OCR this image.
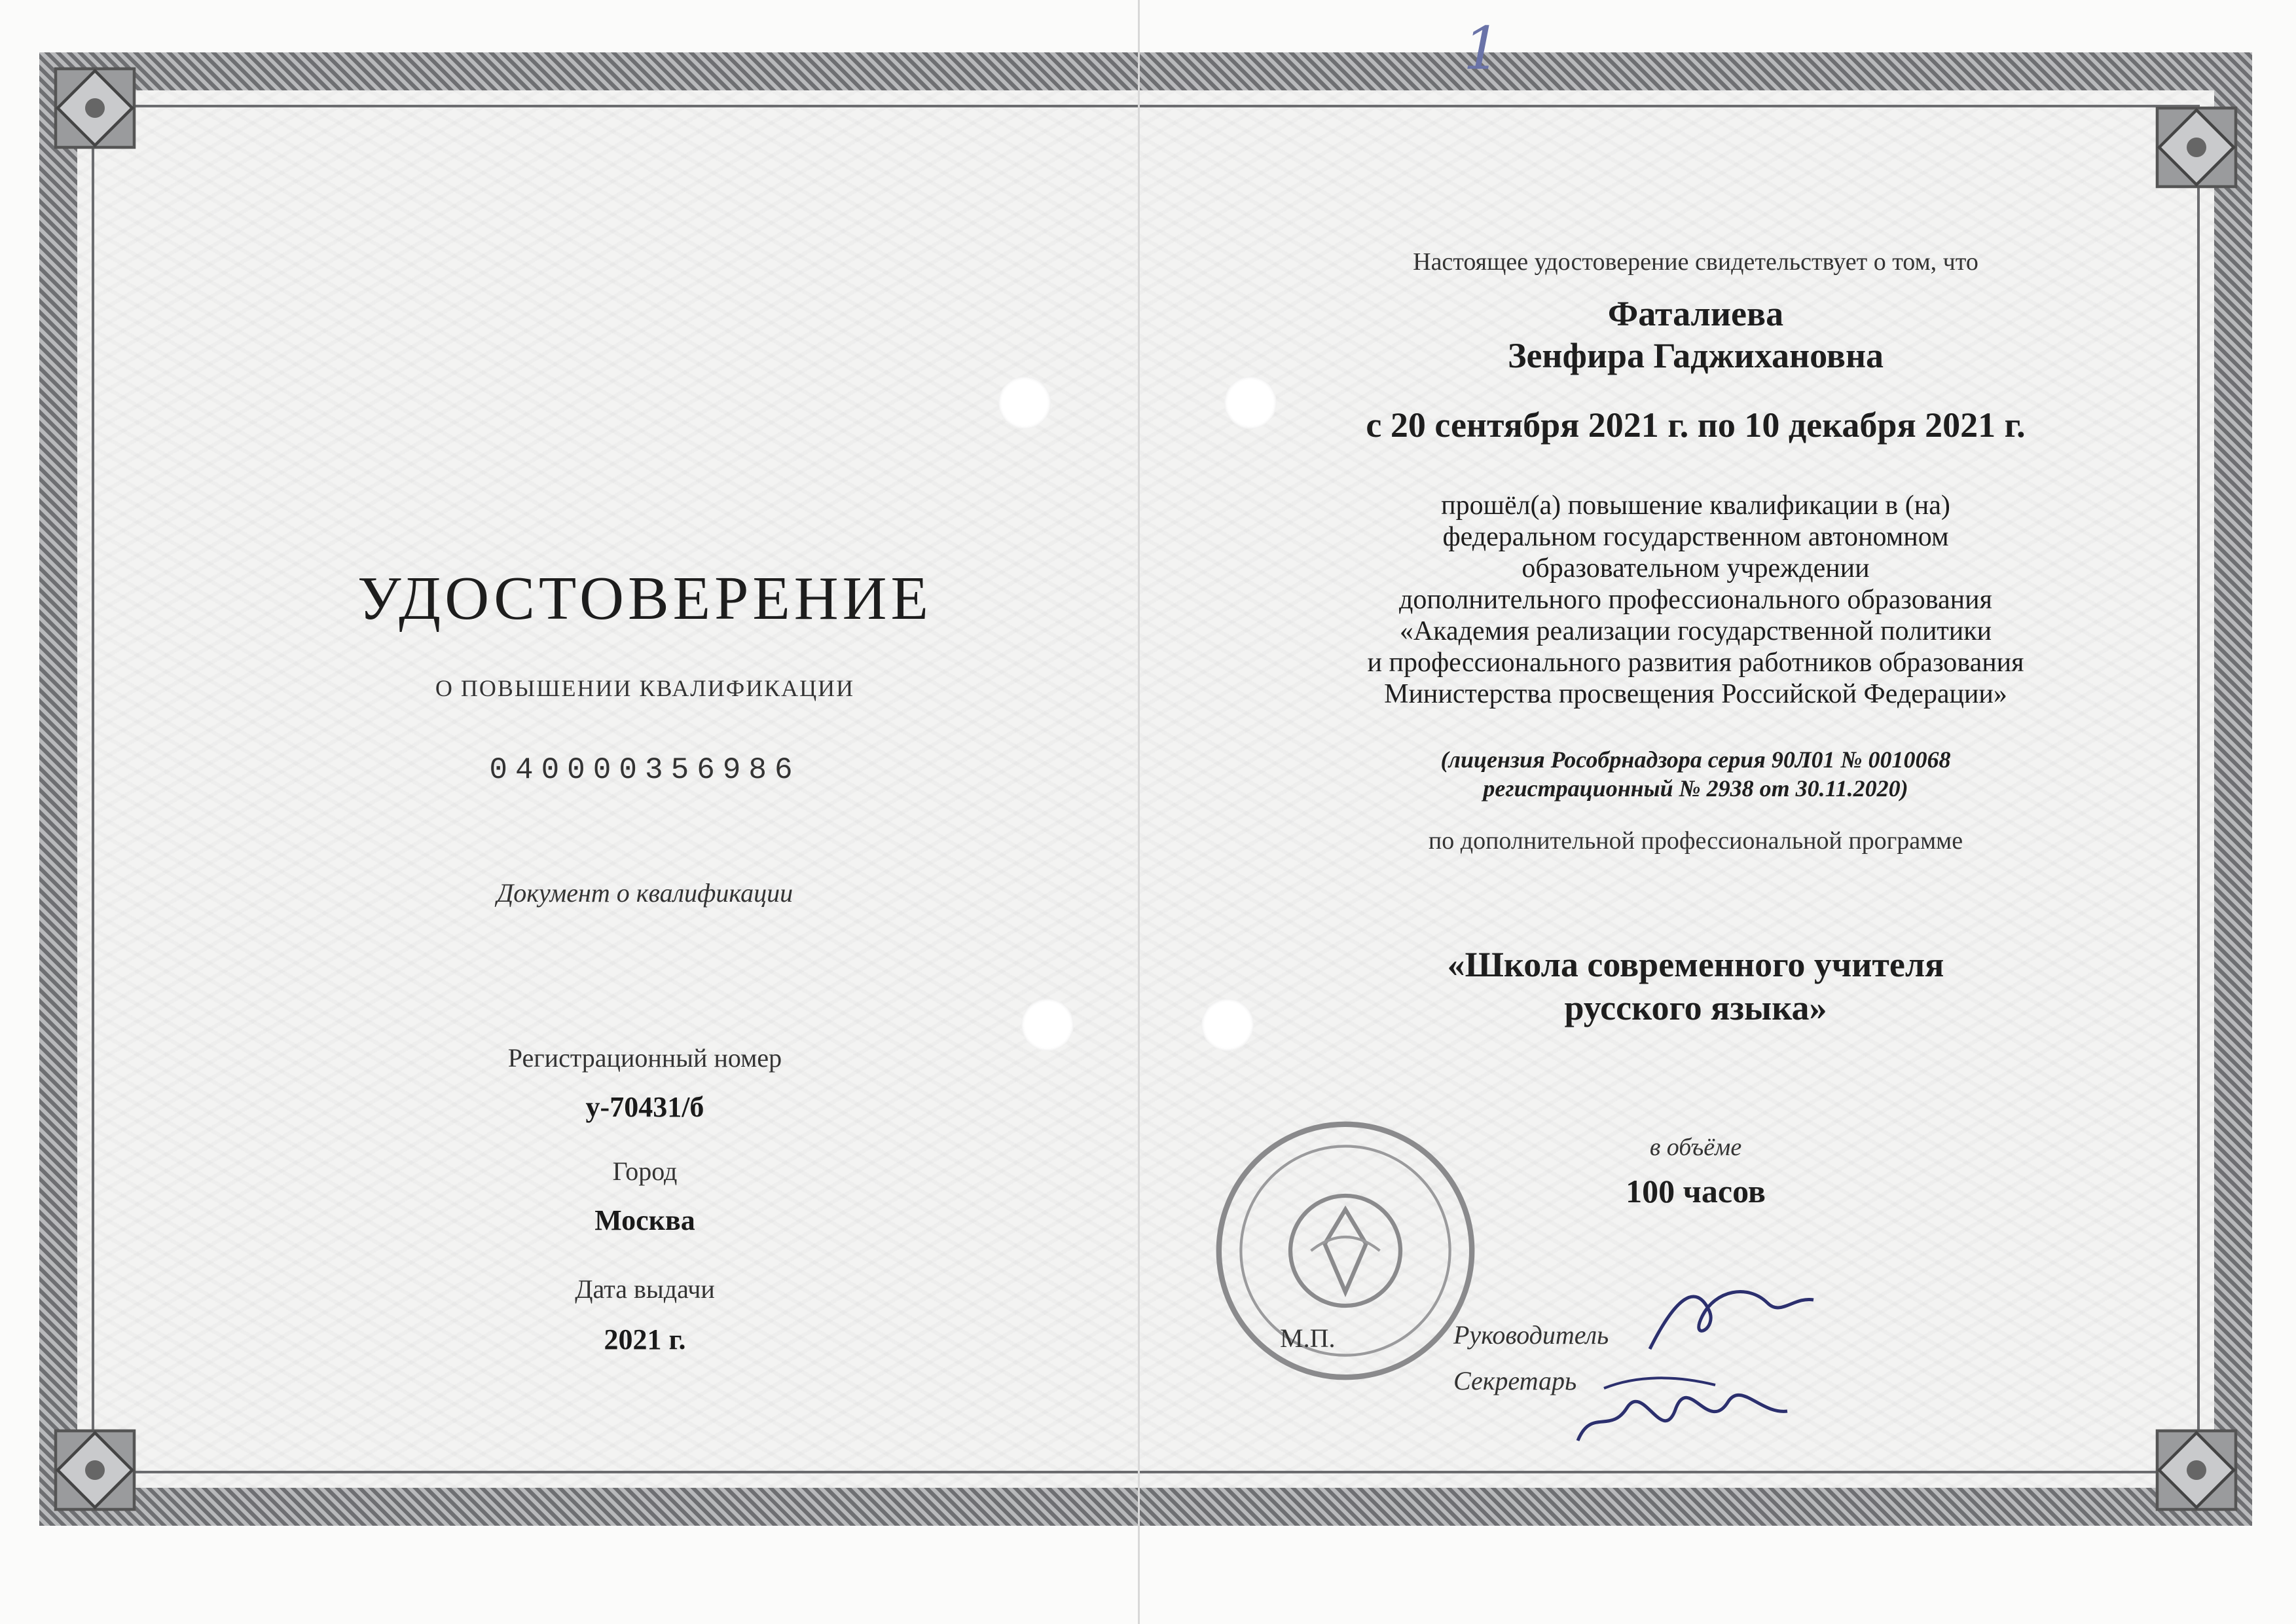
1
УДОСТОВЕРЕНИЕ
О ПОВЫШЕНИИ КВАЛИФИКАЦИИ
040000356986
Документ о квалификации
Регистрационный номер
у-70431/б
Город
Москва
Дата выдачи
2021 г.
Настоящее удостоверение свидетельствует о том, что
Фаталиева
Зенфира Гаджихановна
с 20 сентября 2021 г. по 10 декабря 2021 г.
прошёл(а) повышение квалификации в (на)
федеральном государственном автономном
образовательном учреждении
дополнительного профессионального образования
«Академия реализации государственной политики
и профессионального развития работников образования
Министерства просвещения Российской Федерации»
(лицензия Рособрнадзора серия 90Л01 № 0010068
регистрационный № 2938 от 30.11.2020)
по дополнительной профессиональной программе
«Школа современного учителя
русского языка»
в объёме
100 часов
М.П.	Руководитель
Секретарь
